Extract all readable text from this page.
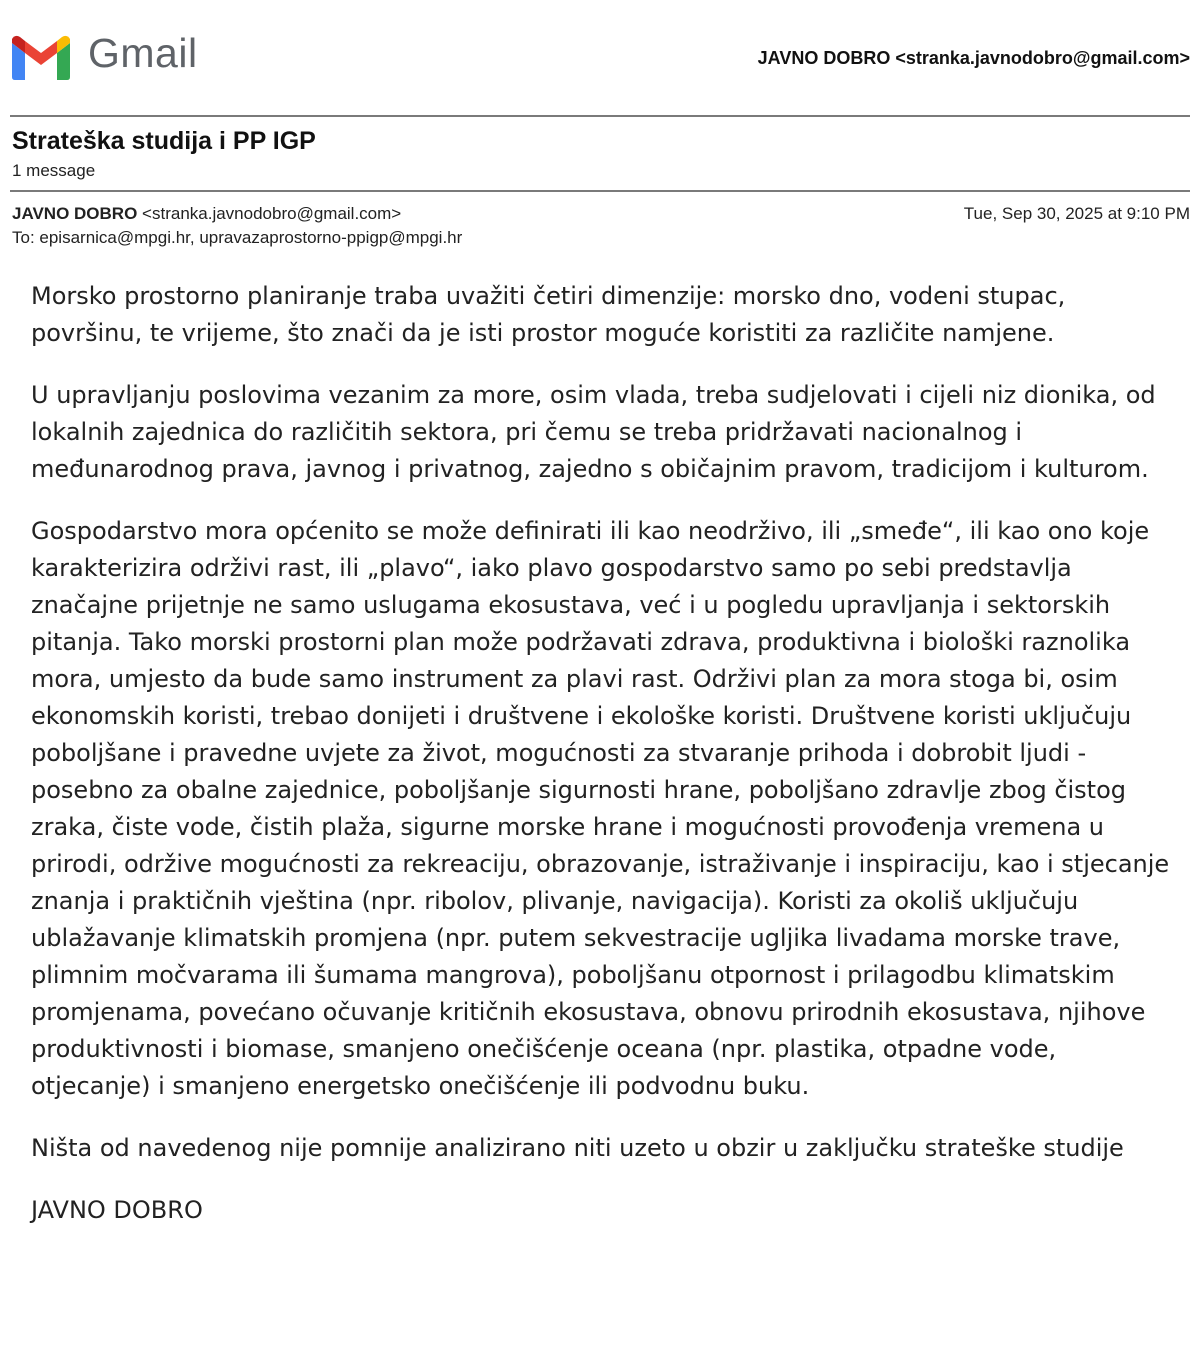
Gmail	JAVNO DOBRO <stranka.javnodobro@gmail.com>
Strateška studija i PP IGP
1 message
JAVNO DOBRO <stranka.javnodobro@gmail.com>	Tue, Sep 30, 2025 at 9:10 PM
To: episarnica@mpgi.hr, upravazaprostorno-ppigp@mpgi.hr

Morsko prostorno planiranje traba uvažiti četiri dimenzije: morsko dno, vodeni stupac, površinu, te vrijeme, što znači da je isti prostor moguće koristiti za različite namjene.

U upravljanju poslovima vezanim za more, osim vlada, treba sudjelovati i cijeli niz dionika, od lokalnih zajednica do različitih sektora, pri čemu se treba pridržavati nacionalnog i međunarodnog prava, javnog i privatnog, zajedno s običajnim pravom, tradicijom i kulturom.

Gospodarstvo mora općenito se može definirati ili kao neodrživo, ili „smeđe“, ili kao ono koje karakterizira održivi rast, ili „plavo“, iako plavo gospodarstvo samo po sebi predstavlja značajne prijetnje ne samo uslugama ekosustava, već i u pogledu upravljanja i sektorskih pitanja. Tako morski prostorni plan može podržavati zdrava, produktivna i biološki raznolika mora, umjesto da bude samo instrument za plavi rast. Održivi plan za mora stoga bi, osim ekonomskih koristi, trebao donijeti i društvene i ekološke koristi. Društvene koristi uključuju poboljšane i pravedne uvjete za život, mogućnosti za stvaranje prihoda i dobrobit ljudi - posebno za obalne zajednice, poboljšanje sigurnosti hrane, poboljšano zdravlje zbog čistog zraka, čiste vode, čistih plaža, sigurne morske hrane i mogućnosti provođenja vremena u prirodi, održive mogućnosti za rekreaciju, obrazovanje, istraživanje i inspiraciju, kao i stjecanje znanja i praktičnih vještina (npr. ribolov, plivanje, navigacija). Koristi za okoliš uključuju ublažavanje klimatskih promjena (npr. putem sekvestracije ugljika livadama morske trave, plimnim močvarama ili šumama mangrova), poboljšanu otpornost i prilagodbu klimatskim promjenama, povećano očuvanje kritičnih ekosustava, obnovu prirodnih ekosustava, njihove produktivnosti i biomase, smanjeno onečišćenje oceana (npr. plastika, otpadne vode, otjecanje) i smanjeno energetsko onečišćenje ili podvodnu buku.

Ništa od navedenog nije pomnije analizirano niti uzeto u obzir u zaključku strateške studije

JAVNO DOBRO
